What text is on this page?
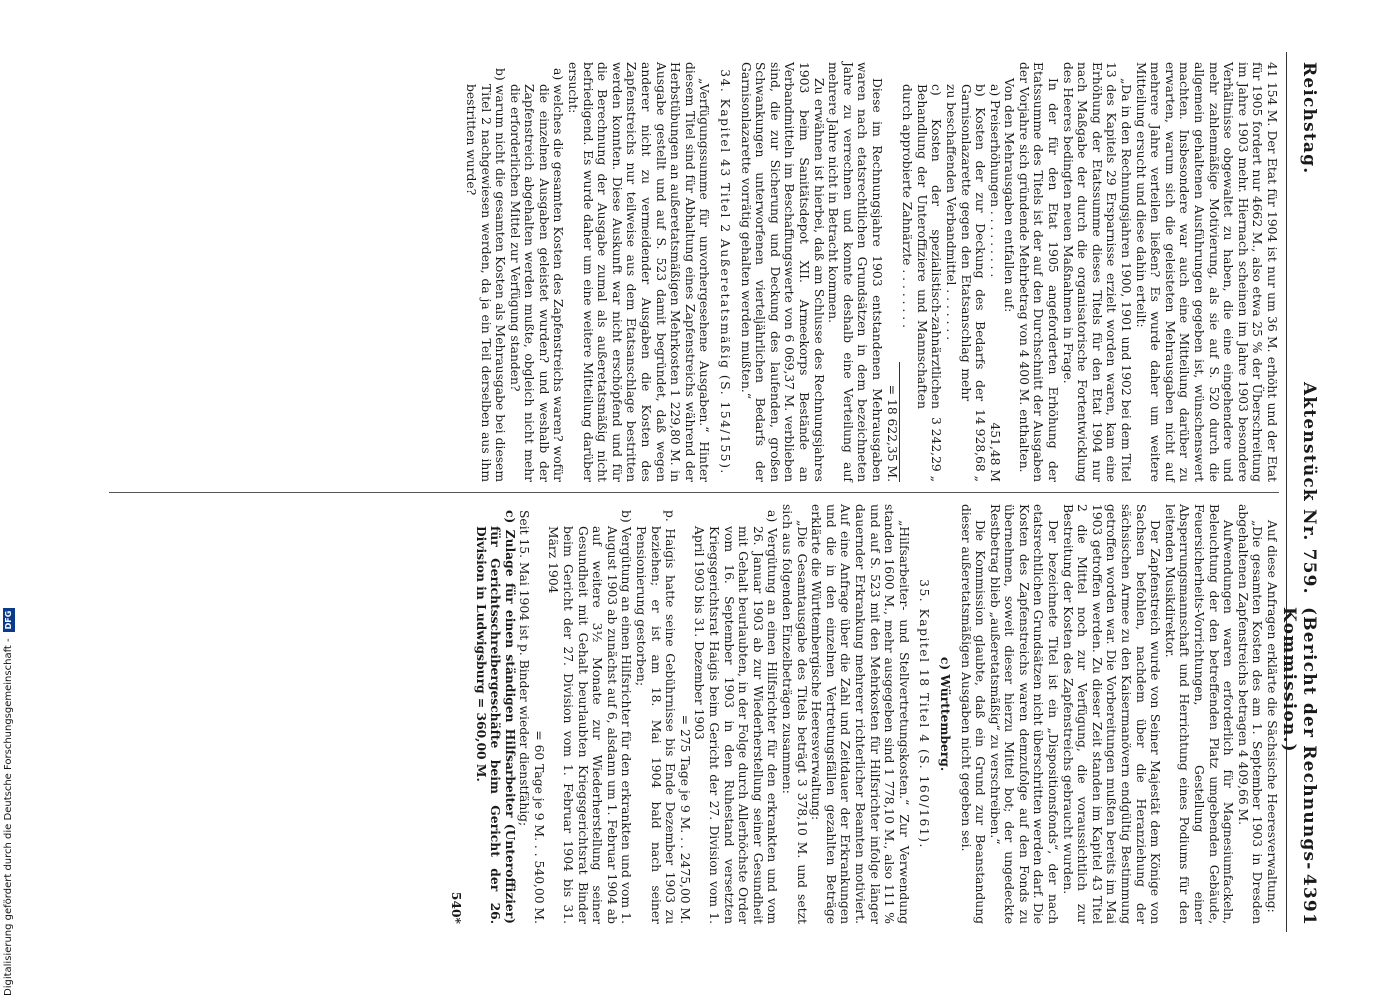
Digitalisierung gefördert durch die Deutsche Forschungsgemeinschaft -
DFG
Reichstag.
Aktenstück Nr. 759.
(Bericht der Rechnungs-Kommission.)
4391

41 154 M. Der Etat für 1904 ist nur um 36 M. erhöht und der Etat für 1905 fordert nur 4662 M., also etwa 25 % der Überschreitung im Jahre 1903 mehr. Hiernach scheinen im Jahre 1903 besondere Verhältnisse obgewaltet zu haben, die eine eingehendere und mehr zahlenmäßige Motivierung, als sie auf S. 520 durch die allgemein gehaltenen Ausführungen gegeben ist, wünschenswert machten. Insbesondere war auch eine Mitteilung darüber zu erwarten, warum sich die geleisteten Mehrausgaben nicht auf mehrere Jahre verteilen ließen? Es wurde daher um weitere Mitteilung ersucht und diese dahin erteilt:

„Da in den Rechnungsjahren 1900, 1901 und 1902 bei dem Titel 13 des Kapitels 29 Ersparnisse erzielt worden waren, kam eine Erhöhung der Etatssumme dieses Titels für den Etat 1904 nur nach Maßgabe der durch die organisatorische Fortentwicklung des Heeres bedingten neuen Maßnahmen in Frage.

In der für den Etat 1905 angeforderten Erhöhung der Etatssumme des Titels ist der auf den Durchschnitt der Ausgaben der Vorjahre sich gründende Mehrbetrag von 4 400 M. enthalten.

Von den Mehrausgaben entfallen auf:

a) Preiserhöhungen . . . . . . . . .
451,48 M
b) Kosten der zur Deckung des Bedarfs der Garnisonlazarette gegen den Etatsanschlag mehr zu beschaffenden Verbandmittel . . . . . . .
14 928,68 „
c) Kosten der spezialistisch-zahnärztlichen Behandlung der Unteroffiziere und Mannschaften durch approbierte Zahnärzte . . . . . . . .
3 242,29 „
= 18 622,35 M.

Diese im Rechnungsjahre 1903 entstandenen Mehrausgaben waren nach etatsrechtlichen Grundsätzen in dem bezeichneten Jahre zu verrechnen und konnte deshalb eine Verteilung auf mehrere Jahre nicht in Betracht kommen.

Zu erwähnen ist hierbei, daß am Schlusse des Rechnungsjahres 1903 beim Sanitätsdepot XII. Armeekorps Bestände an Verbandmitteln im Beschaffungswerte von 6 069,37 M. verblieben sind, die zur Sicherung und Deckung des laufenden, großen Schwankungen unterworfenen vierteljährlichen Bedarfs der Garnisonlazarette vorrätig gehalten werden mußten.“

34. Kapitel 43 Titel 2 Außeretatsmäßig (S. 154/155).

„Verfügungssumme für unvorhergesehene Ausgaben.“ Hinter diesem Titel sind für Abhaltung eines Zapfenstreichs während der Herbstübungen an außeretatsmäßigen Mehrkosten 1 229,80 M. in Ausgabe gestellt und auf S. 523 damit begründet, daß wegen anderer nicht zu vermeidender Ausgaben die Kosten des Zapfenstreichs nur teilweise aus dem Etatsanschlage bestritten werden konnten. Diese Auskunft war nicht erschöpfend und für die Berechnung der Ausgabe zumal als außeretatsmäßig nicht befriedigend. Es wurde daher um eine weitere Mitteilung darüber ersucht:

a) welches die gesamten Kosten des Zapfenstreichs waren? wofür die einzelnen Ausgaben geleistet wurden? und weshalb der Zapfenstreich abgehalten werden mußte, obgleich nicht mehr die erforderlichen Mittel zur Verfügung standen?

b) warum nicht die gesamten Kosten als Mehrausgabe bei diesem Titel 2 nachgewiesen werden, da ja ein Teil derselben aus ihm bestritten wurde?

Auf diese Anfragen erklärte die Sächsische Heeresverwaltung:

„Die gesamten Kosten des am 1. September 1903 in Dresden abgehaltenen Zapfenstreichs betragen 4 409,66 M.

Aufwendungen waren erforderlich für Magnesiumfackeln, Beleuchtung der den betreffenden Platz umgebenden Gebäude, Feuersicherheits-Vorrichtungen, Gestellung einer Absperrungsmannschaft und Herrichtung eines Podiums für den leitenden Musikdirektor.

Der Zapfenstreich wurde von Seiner Majestät dem Könige von Sachsen befohlen, nachdem über die Heranziehung der sächsischen Armee zu den Kaisermanövern endgültig Bestimmung getroffen worden war. Die Vorbereitungen mußten bereits im Mai 1903 getroffen werden. Zu dieser Zeit standen im Kapitel 43 Titel 2 die Mittel noch zur Verfügung, die voraussichtlich zur Bestreitung der Kosten des Zapfenstreichs gebraucht wurden.

Der bezeichnete Titel ist ein „Dispositionsfonds“, der nach etatsrechtlichen Grundsätzen nicht überschritten werden darf. Die Kosten des Zapfenstreichs waren demzufolge auf den Fonds zu übernehmen, soweit dieser hierzu Mittel bot; der ungedeckte Restbetrag blieb „außeretatsmäßig“ zu verschreiben.“

Die Kommission glaubte, daß ein Grund zur Beanstandung dieser außeretatsmäßigen Ausgaben nicht gegeben sei.

c) Württemberg.

35. Kapitel 18 Titel 4 (S. 160/161).

„Hilfsarbeiter- und Stellvertretungskosten.“ Zur Verwendung standen 1600 M., mehr ausgegeben sind 1 778,10 M., also 111 % und auf S. 523 mit den Mehrkosten für Hilfsrichter infolge länger dauernder Erkrankung mehrerer richterlicher Beamten motiviert. Auf eine Anfrage über die Zahl und Zeitdauer der Erkrankungen und die in den einzelnen Vertretungsfällen gezahlten Beträge erklärte die Württembergische Heeresverwaltung:

„Die Gesamtausgabe des Titels beträgt 3 378,10 M. und setzt sich aus folgenden Einzelbeträgen zusammen:

a) Vergütung an einen Hilfsrichter für den erkrankten und vom 26. Januar 1903 ab zur Wiederherstellung seiner Gesundheit mit Gehalt beurlaubten, in der Folge durch Allerhöchste Order vom 16. September 1903 in den Ruhestand versetzten Kriegsgerichtsrat Haigis beim Gericht der 27. Division vom 1. April 1903 bis 31. Dezember 1903

= 275 Tage je 9 M. . . 2475,00 M.

p. Haigis hatte seine Gebührnisse bis Ende Dezember 1903 zu beziehen; er ist am 18. Mai 1904 bald nach seiner Pensionierung gestorben;

b) Vergütung an einen Hilfsrichter für den erkrankten und vom 1. August 1903 ab zunächst auf 6, alsdann um 1. Februar 1904 ab auf weitere 3½ Monate zur Wiederherstellung seiner Gesundheit mit Gehalt beurlaubten Kriegsgerichtsrat Binder beim Gericht der 27. Division vom 1. Februar 1904 bis 31. März 1904

= 60 Tage je 9 M. . . 540,00 M.

Seit 15. Mai 1904 ist p. Binder wieder dienstfähig;

c) Zulage für einen ständigen Hilfsarbeiter (Unteroffizier) für Gerichtsschreibergeschäfte beim Gericht der 26. Division in Ludwigsburg = 360,00 M.

540*
